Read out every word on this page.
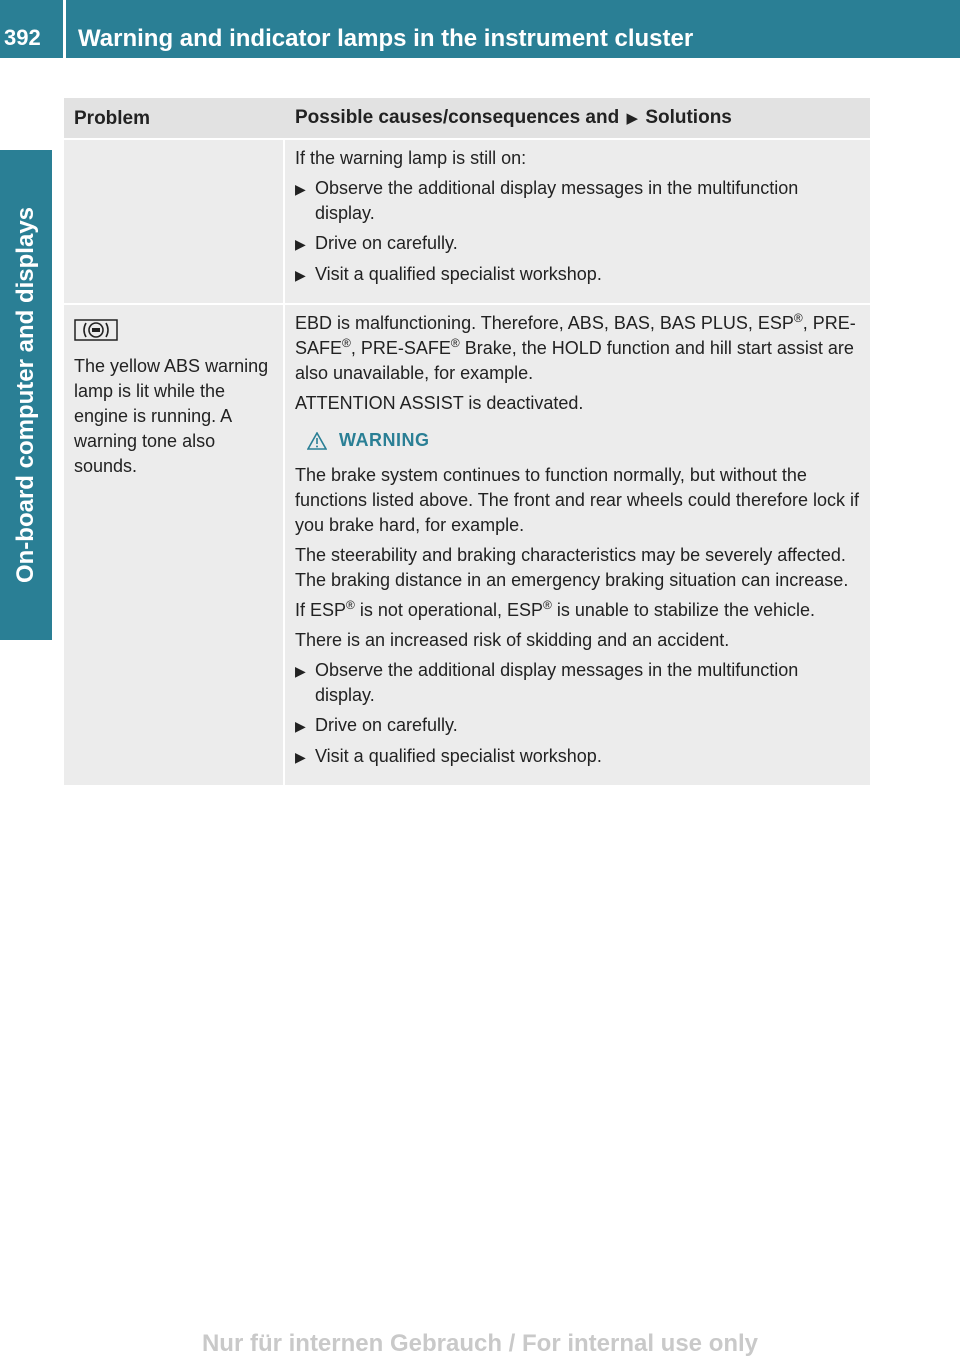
392	Warning and indicator lamps in the instrument cluster
On-board computer and displays
Problem	Possible causes/consequences and ▶ Solutions

If the warning lamp is still on:

▶ Observe the additional display messages in the multifunction display.
▶ Drive on carefully.
▶ Visit a qualified specialist workshop.
The yellow ABS warning lamp is lit while the engine is running. A warning tone also sounds.

EBD is malfunctioning. Therefore, ABS, BAS, BAS PLUS, ESP®, PRE-SAFE®, PRE-SAFE® Brake, the HOLD function and hill start assist are also unavailable, for example.

ATTENTION ASSIST is deactivated.

WARNING

The brake system continues to function normally, but without the functions listed above. The front and rear wheels could therefore lock if you brake hard, for example.

The steerability and braking characteristics may be severely affected. The braking distance in an emergency braking situation can increase.

If ESP® is not operational, ESP® is unable to stabilize the vehicle.

There is an increased risk of skidding and an accident.

▶ Observe the additional display messages in the multifunction display.
▶ Drive on carefully.
▶ Visit a qualified specialist workshop.
Nur für internen Gebrauch / For internal use only
